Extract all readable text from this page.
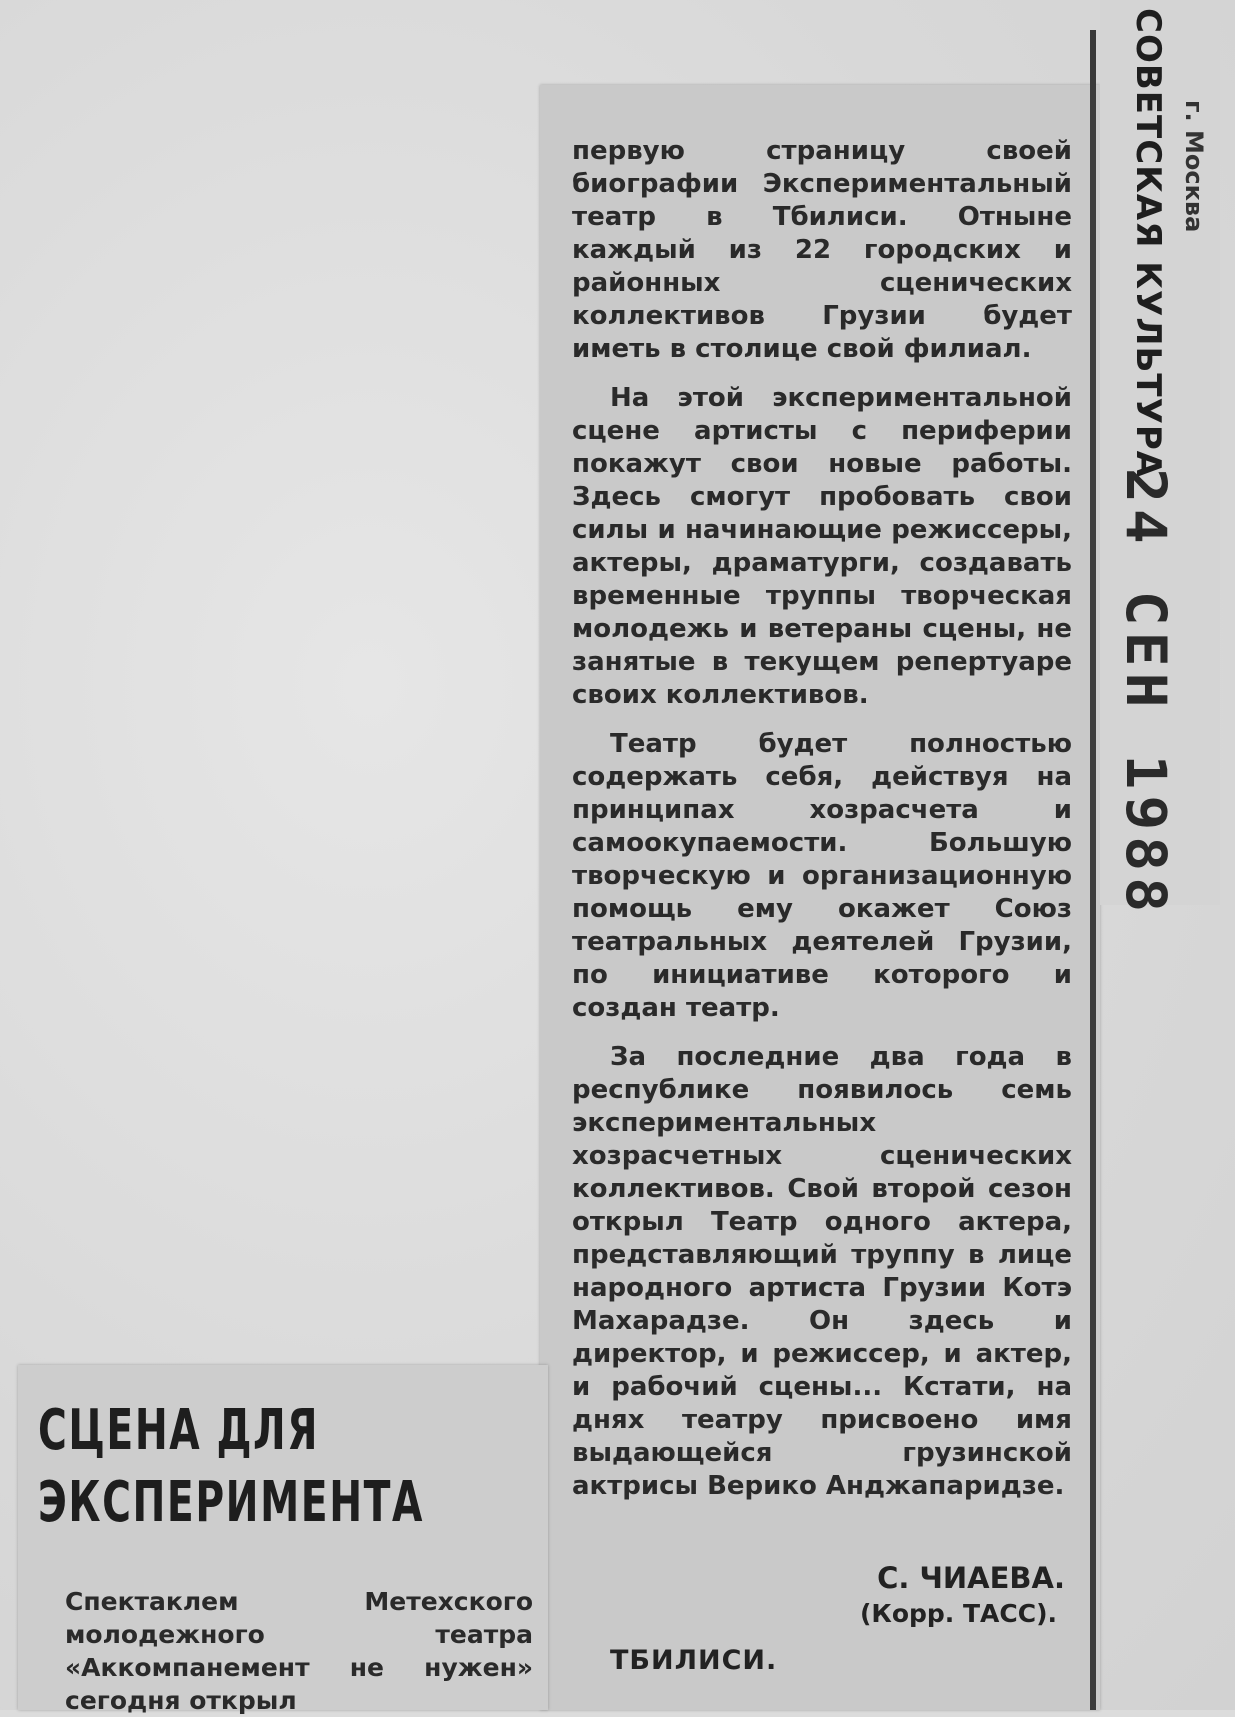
СОВЕТСКАЯ КУЛЬТУРА г. Москва
24 СЕН 1988

первую страницу своей биографии Экспериментальный театр в Тбилиси. Отныне каждый из 22 городских и районных сценических коллективов Грузии будет иметь в столице свой филиал.

На этой экспериментальной сцене артисты с периферии покажут свои новые работы. Здесь смогут пробовать свои силы и начинающие режиссеры, актеры, драматурги, создавать временные труппы творческая молодежь и ветераны сцены, не занятые в текущем репертуаре своих коллективов.

Театр будет полностью содержать себя, действуя на принципах хозрасчета и самоокупаемости. Большую творческую и организационную помощь ему окажет Союз театральных деятелей Грузии, по инициативе которого и создан театр.

За последние два года в республике появилось семь экспериментальных хозрасчетных сценических коллективов. Свой второй сезон открыл Театр одного актера, представляющий труппу в лице народного артиста Грузии Котэ Махарадзе. Он здесь и директор, и режиссер, и актер, и рабочий сцены... Кстати, на днях театру присвоено имя выдающейся грузинской актрисы Верико Анджапаридзе.

С. ЧИАЕВА.
(Корр. ТАСС).
ТБИЛИСИ.
СЦЕНА ДЛЯ
ЭКСПЕРИМЕНТА
Спектаклем Метехского молодежного театра «Аккомпанемент не нужен» сегодня открыл
